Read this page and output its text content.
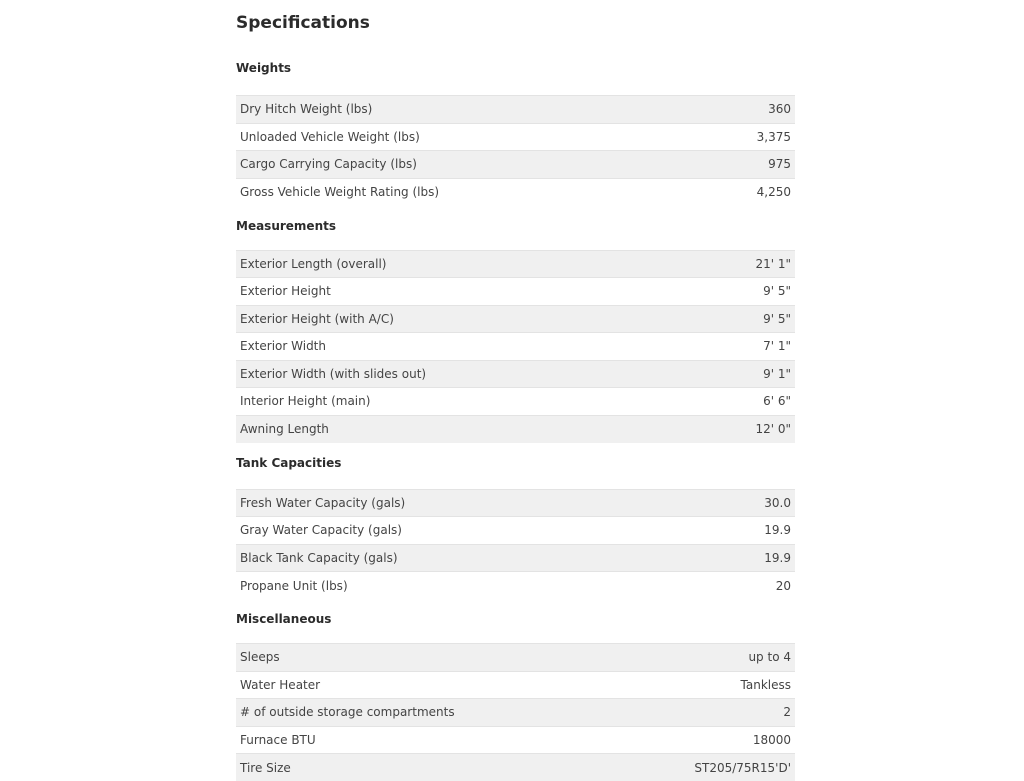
Specifications
Weights
Dry Hitch Weight (lbs)	360
Unloaded Vehicle Weight (lbs)	3,375
Cargo Carrying Capacity (lbs)	975
Gross Vehicle Weight Rating (lbs)	4,250
Measurements
Exterior Length (overall)	21' 1"
Exterior Height	9' 5"
Exterior Height (with A/C)	9' 5"
Exterior Width	7' 1"
Exterior Width (with slides out)	9' 1"
Interior Height (main)	6' 6"
Awning Length	12' 0"
Tank Capacities
Fresh Water Capacity (gals)	30.0
Gray Water Capacity (gals)	19.9
Black Tank Capacity (gals)	19.9
Propane Unit (lbs)	20
Miscellaneous
Sleeps	up to 4
Water Heater	Tankless
# of outside storage compartments	2
Furnace BTU	18000
Tire Size	ST205/75R15'D'
